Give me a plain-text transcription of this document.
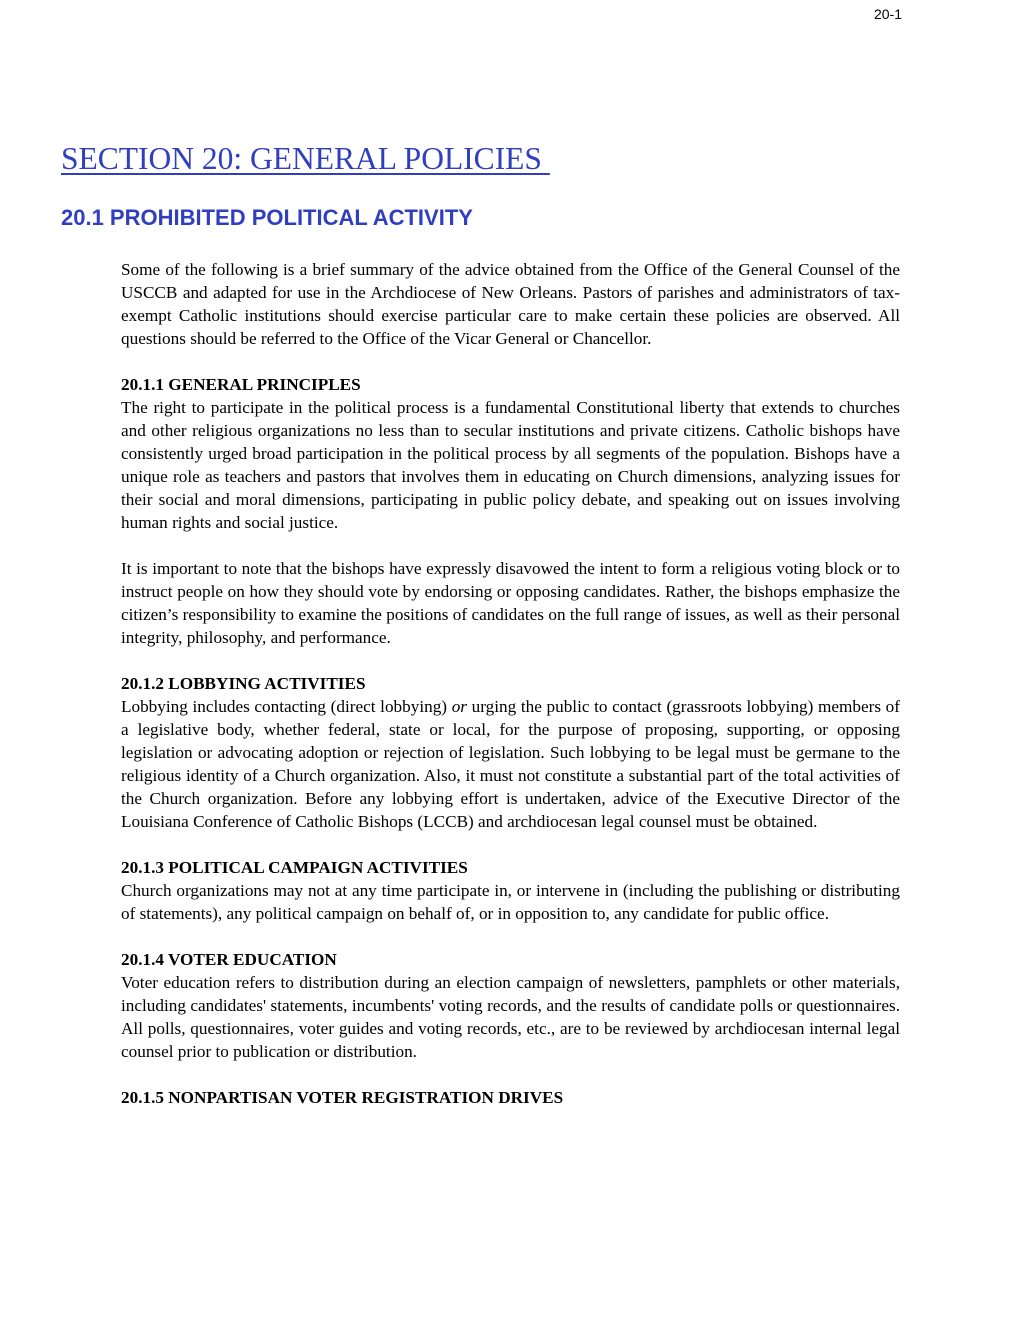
20-1
SECTION 20: GENERAL POLICIES
20.1 PROHIBITED POLITICAL ACTIVITY

Some of the following is a brief summary of the advice obtained from the Office of the General Counsel of the USCCB and adapted for use in the Archdiocese of New Orleans. Pastors of parishes and administrators of tax-exempt Catholic institutions should exercise particular care to make certain these policies are observed. All questions should be referred to the Office of the Vicar General or Chancellor.

20.1.1 GENERAL PRINCIPLES

The right to participate in the political process is a fundamental Constitutional liberty that extends to churches and other religious organizations no less than to secular institutions and private citizens. Catholic bishops have consistently urged broad participation in the political process by all segments of the population. Bishops have a unique role as teachers and pastors that involves them in educating on Church dimensions, analyzing issues for their social and moral dimensions, participating in public policy debate, and speaking out on issues involving human rights and social justice.

It is important to note that the bishops have expressly disavowed the intent to form a religious voting block or to instruct people on how they should vote by endorsing or opposing candidates. Rather, the bishops emphasize the citizen’s responsibility to examine the positions of candidates on the full range of issues, as well as their personal integrity, philosophy, and performance.

20.1.2 LOBBYING ACTIVITIES

Lobbying includes contacting (direct lobbying) or urging the public to contact (grassroots lobbying) members of a legislative body, whether federal, state or local, for the purpose of proposing, supporting, or opposing legislation or advocating adoption or rejection of legislation. Such lobbying to be legal must be germane to the religious identity of a Church organization. Also, it must not constitute a substantial part of the total activities of the Church organization. Before any lobbying effort is undertaken, advice of the Executive Director of the Louisiana Conference of Catholic Bishops (LCCB) and archdiocesan legal counsel must be obtained.

20.1.3 POLITICAL CAMPAIGN ACTIVITIES

Church organizations may not at any time participate in, or intervene in (including the publishing or distributing of statements), any political campaign on behalf of, or in opposition to, any candidate for public office.

20.1.4 VOTER EDUCATION

Voter education refers to distribution during an election campaign of newsletters, pamphlets or other materials, including candidates' statements, incumbents' voting records, and the results of candidate polls or questionnaires. All polls, questionnaires, voter guides and voting records, etc., are to be reviewed by archdiocesan internal legal counsel prior to publication or distribution.

20.1.5 NONPARTISAN VOTER REGISTRATION DRIVES
